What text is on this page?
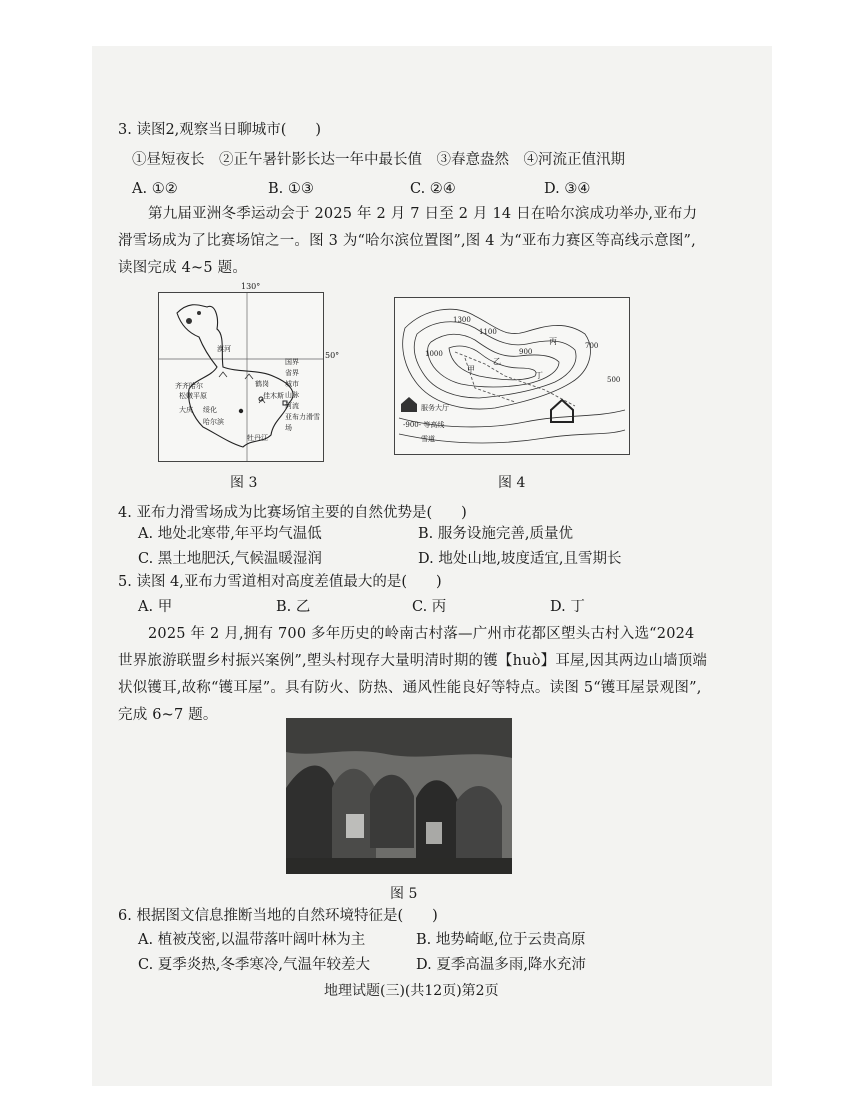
3. 读图2,观察当日聊城市(　　)
①昼短夜长　②正午暑针影长达一年中最长值　③春意盎然　④河流正值汛期
A. ①②	B. ①③	C. ②④	D. ③④
第九届亚洲冬季运动会于 2025 年 2 月 7 日至 2 月 14 日在哈尔滨成功举办,亚布力滑雪场成为了比赛场馆之一。图 3 为“哈尔滨位置图”,图 4 为“亚布力赛区等高线示意图”,读图完成 4~5 题。
130°
50°
漠河
齐齐哈尔
松嫩平原
大庆 绥化
哈尔滨
牡丹江
佳木斯
鹤岗
国界
省界
城市
山脉
河流
亚布力滑雪场
图 3
1300
1100
1000	900
700
500
甲
乙
丙
丁
服务大厅
-900- 等高线
雪道
图 4
4. 亚布力滑雪场成为比赛场馆主要的自然优势是(　　)
A. 地处北寒带,年平均气温低	B. 服务设施完善,质量优
C. 黑土地肥沃,气候温暖湿润	D. 地处山地,坡度适宜,且雪期长
5. 读图 4,亚布力雪道相对高度差值最大的是(　　)
A. 甲	B. 乙	C. 丙	D. 丁
2025 年 2 月,拥有 700 多年历史的岭南古村落—广州市花都区塱头古村入选“2024 世界旅游联盟乡村振兴案例”,塱头村现存大量明清时期的镬【huò】耳屋,因其两边山墙顶端状似镬耳,故称“镬耳屋”。具有防火、防热、通风性能良好等特点。读图 5“镬耳屋景观图”,完成 6~7 题。
图 5
6. 根据图文信息推断当地的自然环境特征是(　　)
A. 植被茂密,以温带落叶阔叶林为主	B. 地势崎岖,位于云贵高原
C. 夏季炎热,冬季寒冷,气温年较差大	D. 夏季高温多雨,降水充沛
地理试题(三)(共12页)第2页
